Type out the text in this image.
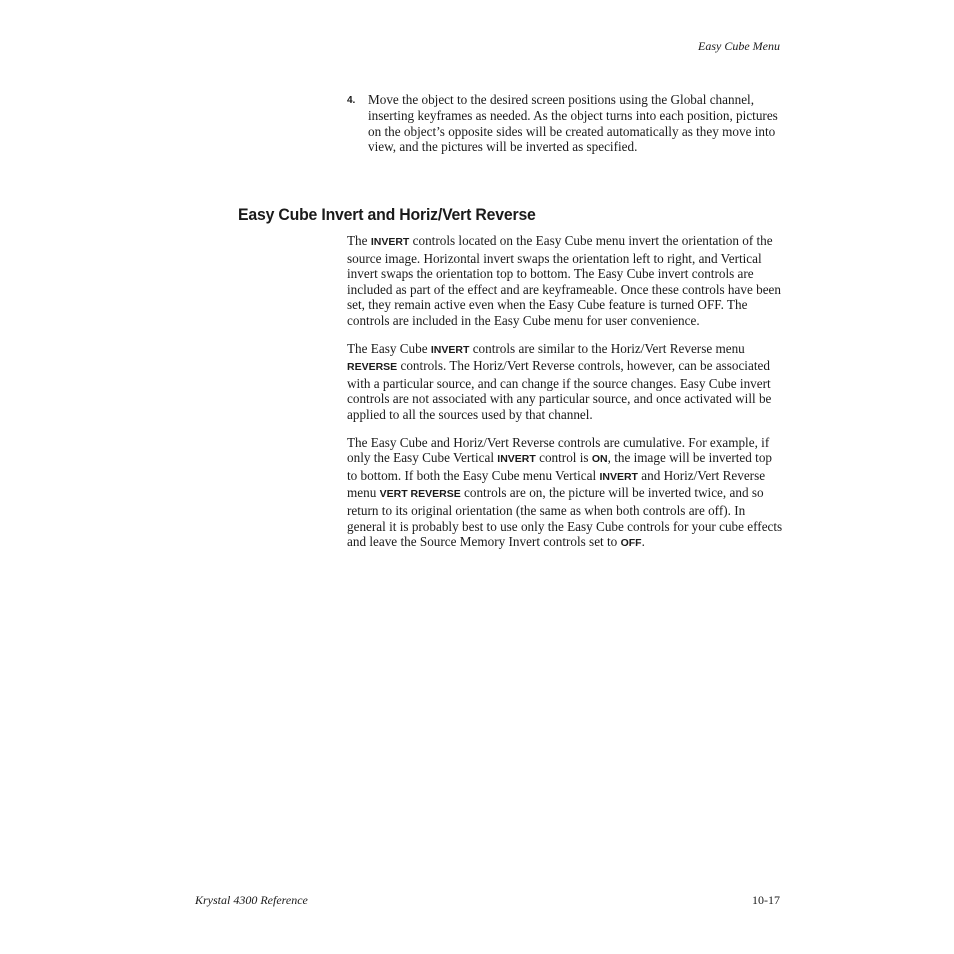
Easy Cube Menu
4. Move the object to the desired screen positions using the Global channel, inserting keyframes as needed. As the object turns into each position, pictures on the object’s opposite sides will be created automatically as they move into view, and the pictures will be inverted as specified.
Easy Cube Invert and Horiz/Vert Reverse

The INVERT controls located on the Easy Cube menu invert the orientation of the source image. Horizontal invert swaps the orientation left to right, and Vertical invert swaps the orientation top to bottom. The Easy Cube invert controls are included as part of the effect and are keyframeable. Once these controls have been set, they remain active even when the Easy Cube feature is turned OFF. The controls are included in the Easy Cube menu for user convenience.

The Easy Cube INVERT controls are similar to the Horiz/Vert Reverse menu REVERSE controls. The Horiz/Vert Reverse controls, however, can be associated with a particular source, and can change if the source changes. Easy Cube invert controls are not associated with any particular source, and once activated will be applied to all the sources used by that channel.

The Easy Cube and Horiz/Vert Reverse controls are cumulative. For example, if only the Easy Cube Vertical INVERT control is ON, the image will be inverted top to bottom. If both the Easy Cube menu Vertical INVERT and Horiz/Vert Reverse menu VERT REVERSE controls are on, the picture will be inverted twice, and so return to its original orientation (the same as when both controls are off). In general it is probably best to use only the Easy Cube controls for your cube effects and leave the Source Memory Invert controls set to OFF.

Krystal 4300 Reference	10-17
